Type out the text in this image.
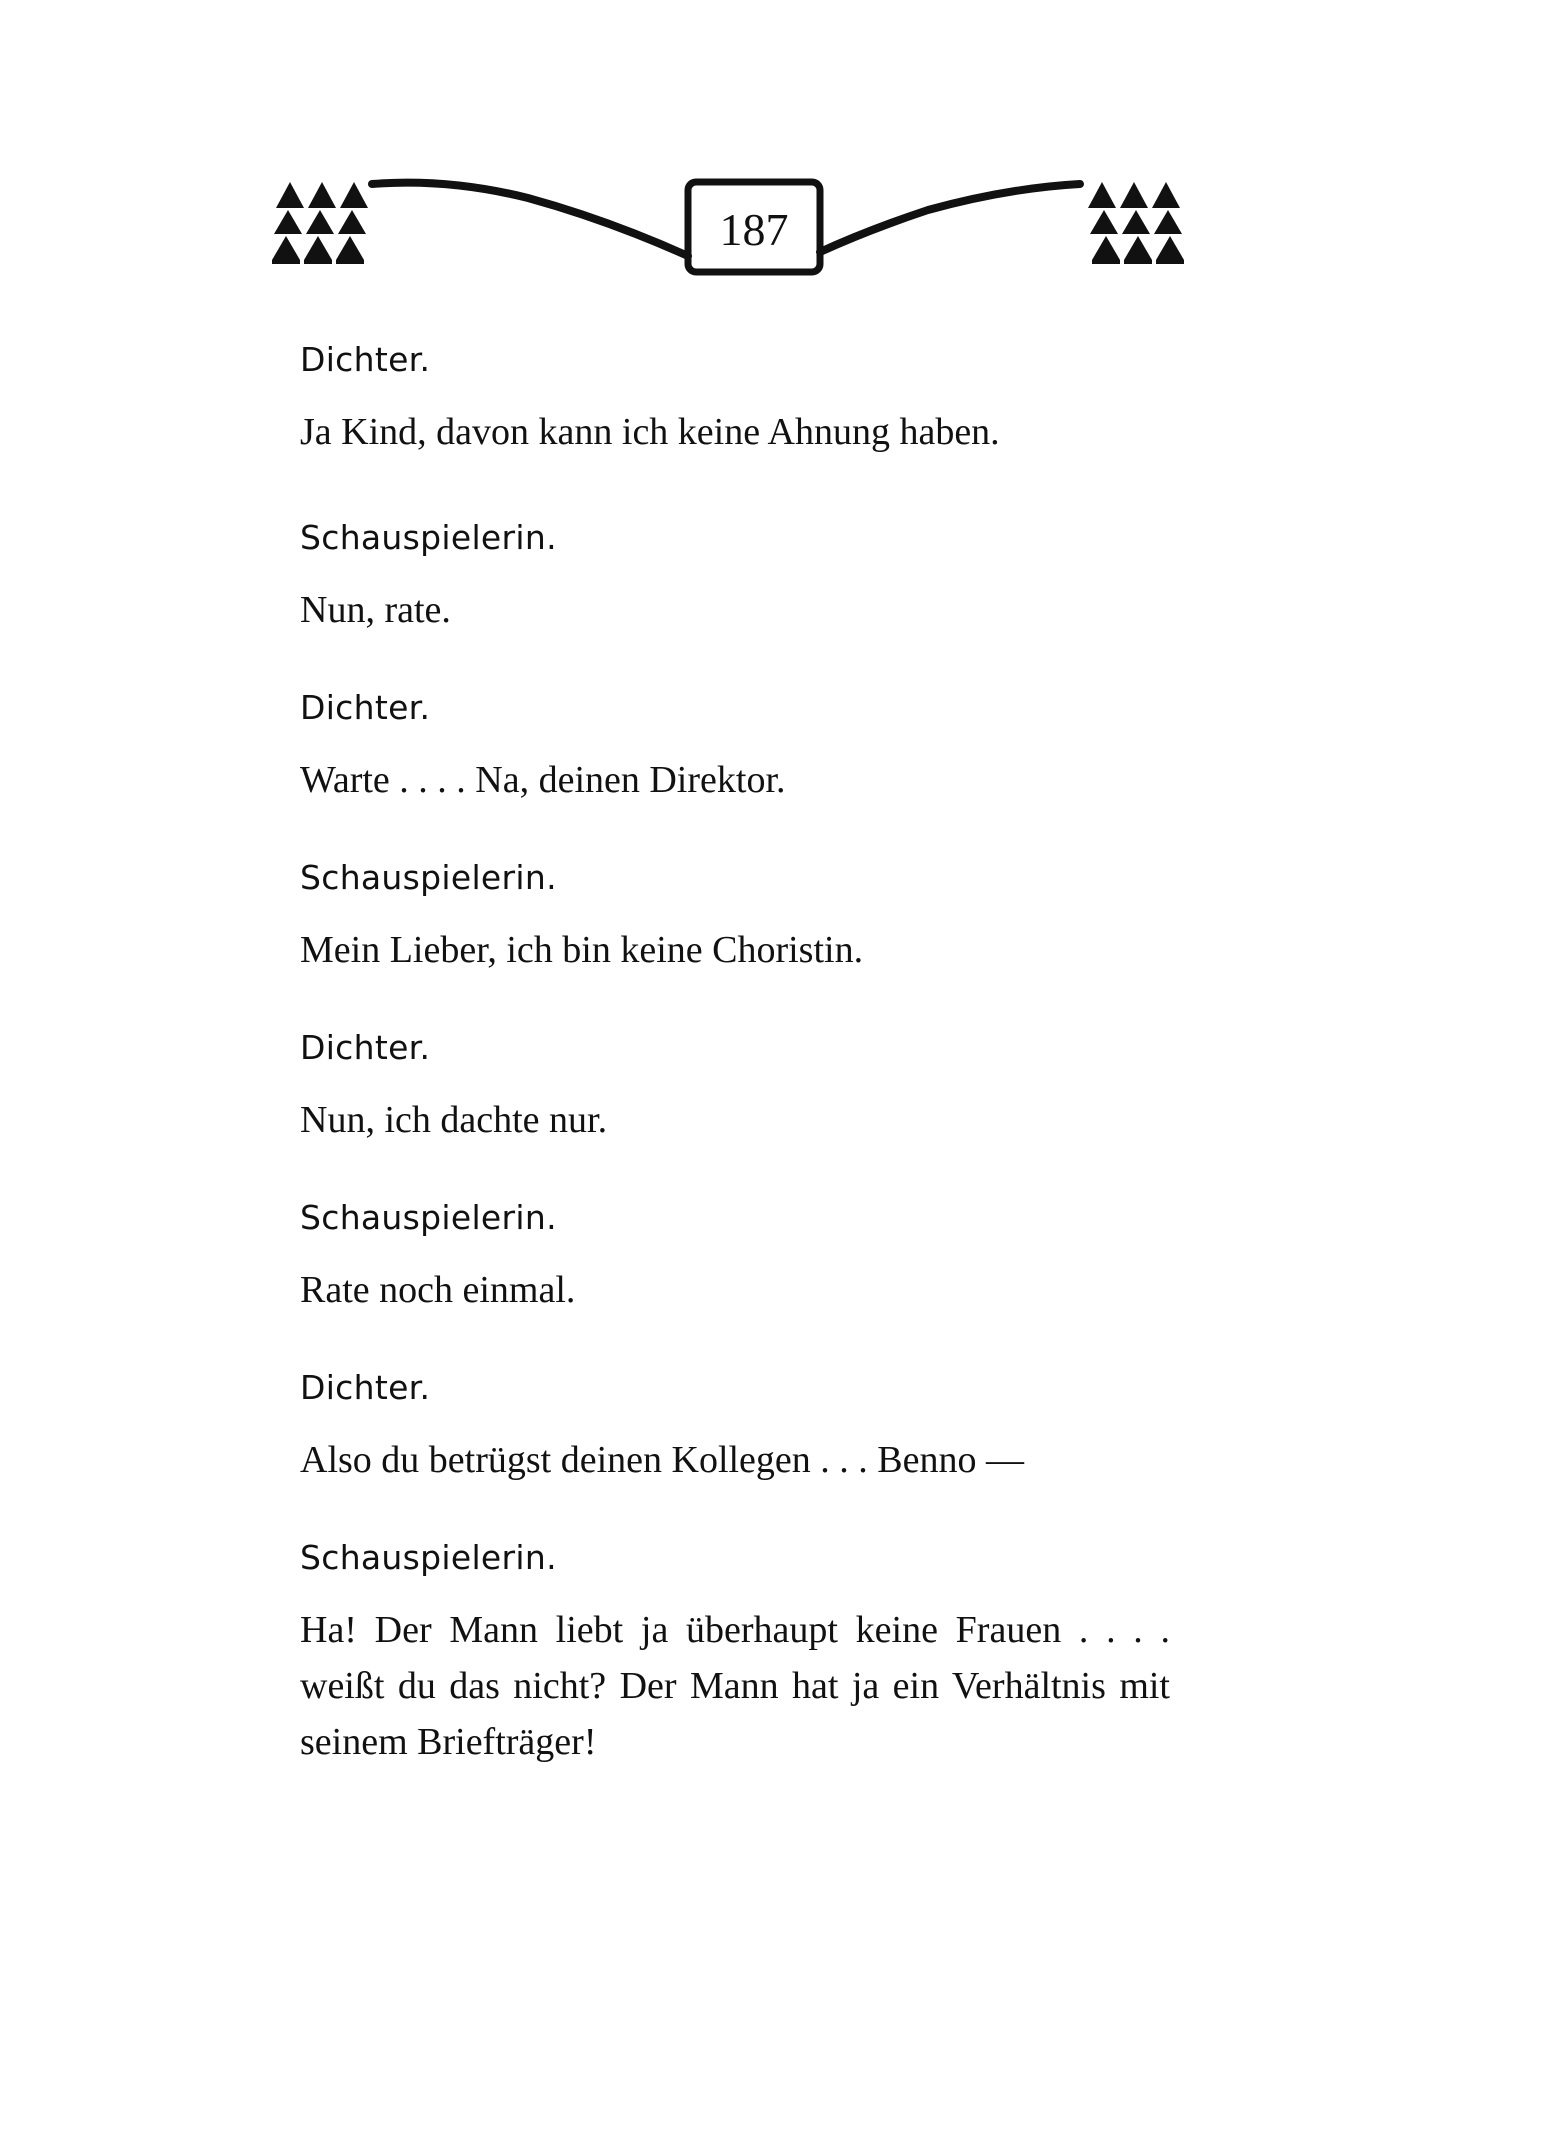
187

Dichter.

Ja Kind, davon kann ich keine Ahnung haben.

Schauspielerin.

Nun, rate.

Dichter.

Warte . . . . Na, deinen Direktor.

Schauspielerin.

Mein Lieber, ich bin keine Choristin.

Dichter.

Nun, ich dachte nur.

Schauspielerin.

Rate noch einmal.

Dichter.

Also du betrügst deinen Kollegen . . . Benno —

Schauspielerin.

Ha! Der Mann liebt ja überhaupt keine Frauen . . . . weißt du das nicht? Der Mann hat ja ein Verhältnis mit seinem Briefträger!
